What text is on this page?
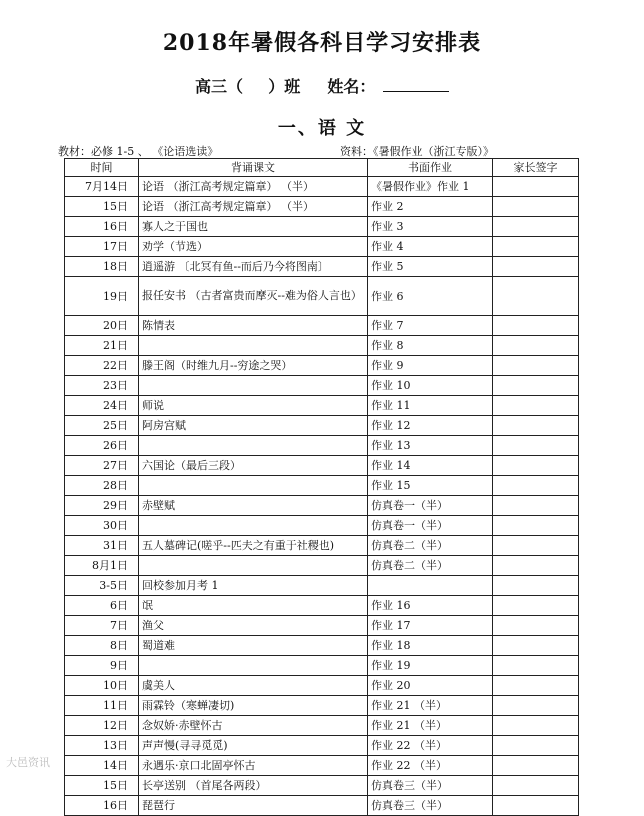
2018年暑假各科目学习安排表
高三（ ）班 姓名：
一、语 文
教材：必修 1-5 、 《论语选读》	资料：《暑假作业（浙江专版）》
时间	背诵课文	书面作业	家长签字
7月14日	论语 （浙江高考规定篇章） （半）	《暑假作业》作业 1	
15日	论语 （浙江高考规定篇章） （半）	作业 2	
16日	寡人之于国也	作业 3	
17日	劝学（节选）	作业 4	
18日	逍遥游 〔北冥有鱼--而后乃今将图南〕	作业 5	
19日	报任安书 （古者富贵而摩灭--难为俗人言也）	作业 6	
20日	陈情表	作业 7	
21日		作业 8	
22日	滕王阁（时维九月--穷途之哭）	作业 9	
23日		作业 10	
24日	师说	作业 11	
25日	阿房宫赋	作业 12	
26日		作业 13	
27日	六国论（最后三段）	作业 14	
28日		作业 15	
29日	赤壁赋	仿真卷一（半）	
30日		仿真卷一（半）	
31日	五人墓碑记(嗟乎--匹夫之有重于社稷也)	仿真卷二（半）	
8月1日		仿真卷二（半）	
3-5日	回校参加月考 1		
6日	氓	作业 16	
7日	渔父	作业 17	
8日	蜀道难	作业 18	
9日		作业 19	
10日	虞美人	作业 20	
11日	雨霖铃（寒蝉凄切)	作业 21 （半）	
12日	念奴娇·赤壁怀古	作业 21 （半）	
13日	声声慢(寻寻觅觅)	作业 22 （半）	
14日	永遇乐·京口北固亭怀古	作业 22 （半）	
15日	长亭送别 （首尾各两段）	仿真卷三（半）	
16日	琵琶行	仿真卷三（半）	
大邑资讯
